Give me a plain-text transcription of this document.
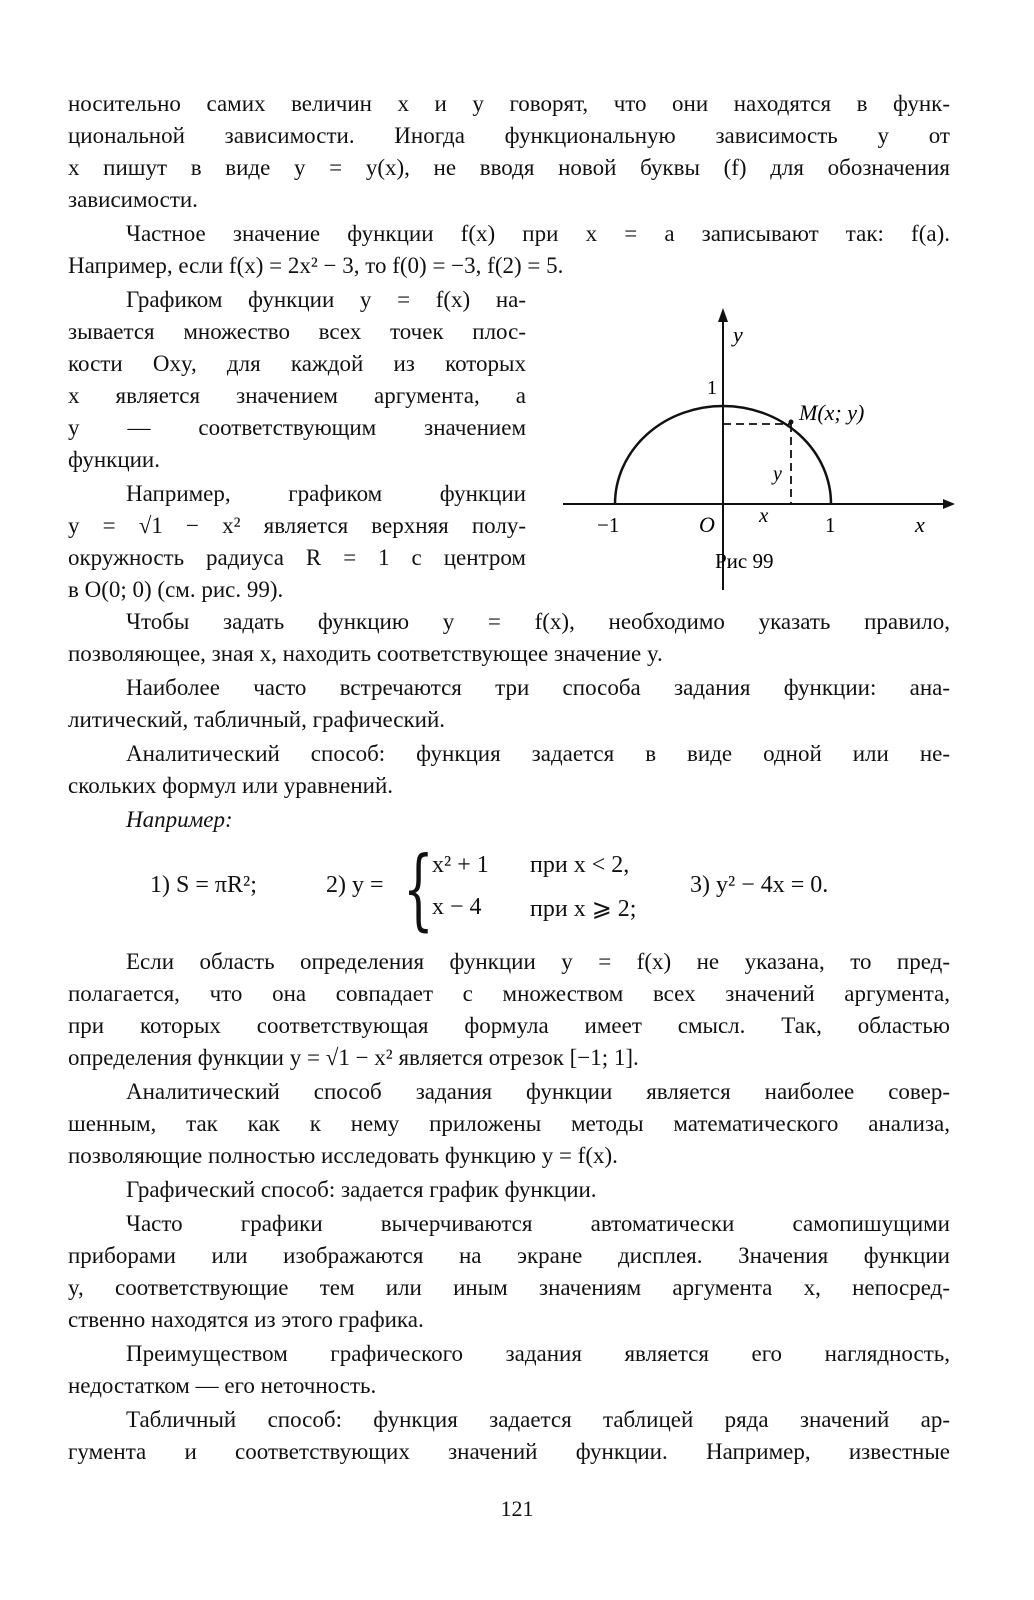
носительно самих величин x и y говорят, что они находятся в функ-
циональной зависимости. Иногда функциональную зависимость y от
x пишут в виде y = y(x), не вводя новой буквы (f) для обозначения
зависимости.
Частное значение функции f(x) при x = a записывают так: f(a).
Например, если f(x) = 2x² − 3, то f(0) = −3, f(2) = 5.
Графиком функции y = f(x) на-
зывается множество всех точек плос-
кости Oxy, для каждой из которых
x является значением аргумента, а
y — соответствующим значением
функции.
Например, графиком функции
y = √1 − x² является верхняя полу-
окружность радиуса R = 1 с центром
в O(0; 0) (см. рис. 99).
Чтобы задать функцию y = f(x), необходимо указать правило,
позволяющее, зная x, находить соответствующее значение y.
Наиболее часто встречаются три способа задания функции: ана-
литический, табличный, графический.
Аналитический способ: функция задается в виде одной или не-
скольких формул или уравнений.
Например:
1) S = πR²;	2) y = {
x² + 1 при x < 2,
x − 4 при x ⩾ 2;
3) y² − 4x = 0.
Если область определения функции y = f(x) не указана, то пред-
полагается, что она совпадает с множеством всех значений аргумента,
при которых соответствующая формула имеет смысл. Так, областью
определения функции y = √1 − x² является отрезок [−1; 1].
Аналитический способ задания функции является наиболее совер-
шенным, так как к нему приложены методы математического анализа,
позволяющие полностью исследовать функцию y = f(x).
Графический способ: задается график функции.
Часто графики вычерчиваются автоматически самопишущими
приборами или изображаются на экране дисплея. Значения функции
y, соответствующие тем или иным значениям аргумента x, непосред-
ственно находятся из этого графика.
Преимуществом графического задания является его наглядность,
недостатком — его неточность.
Табличный способ: функция задается таблицей ряда значений ар-
гумента и соответствующих значений функции. Например, известные
y
1
−1	O x	1	x
y
M(x; y)
Рис 99
121
